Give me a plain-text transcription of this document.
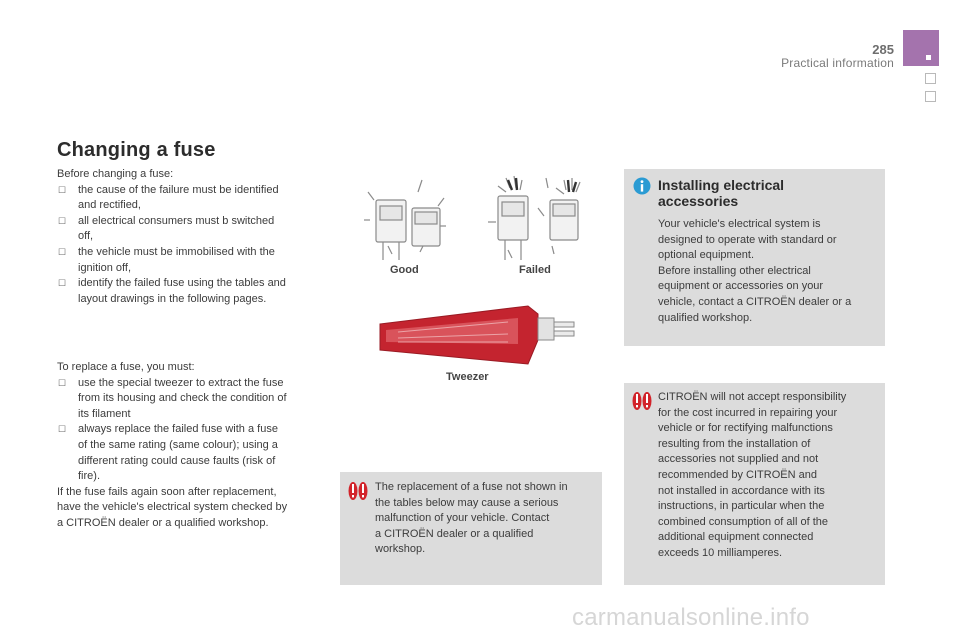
285
Practical information
Changing a fuse
Before changing a fuse:
☐ the cause of the failure must be identified
and rectified,
☐ all electrical consumers must b switched
off,
☐ the vehicle must be immobilised with the
ignition off,
☐ identify the failed fuse using the tables and
layout drawings in the following pages.
To replace a fuse, you must:
☐ use the special tweezer to extract the fuse
from its housing and check the condition of
its filament
☐ always replace the failed fuse with a fuse
of the same rating (same colour); using a
different rating could cause faults (risk of
fire).
If the fuse fails again soon after replacement,
have the vehicle's electrical system checked by
a CITROËN dealer or a qualified workshop.
Good	Failed
Tweezer
The replacement of a fuse not shown in
the tables below may cause a serious
malfunction of your vehicle. Contact
a CITROËN dealer or a qualified
workshop.
Installing electrical
accessories
Your vehicle's electrical system is
designed to operate with standard or
optional equipment.
Before installing other electrical
equipment or accessories on your
vehicle, contact a CITROËN dealer or a
qualified workshop.
CITROËN will not accept responsibility
for the cost incurred in repairing your
vehicle or for rectifying malfunctions
resulting from the installation of
accessories not supplied and not
recommended by CITROËN and
not installed in accordance with its
instructions, in particular when the
combined consumption of all of the
additional equipment connected
exceeds 10 milliamperes.
carmanualsonline.info
